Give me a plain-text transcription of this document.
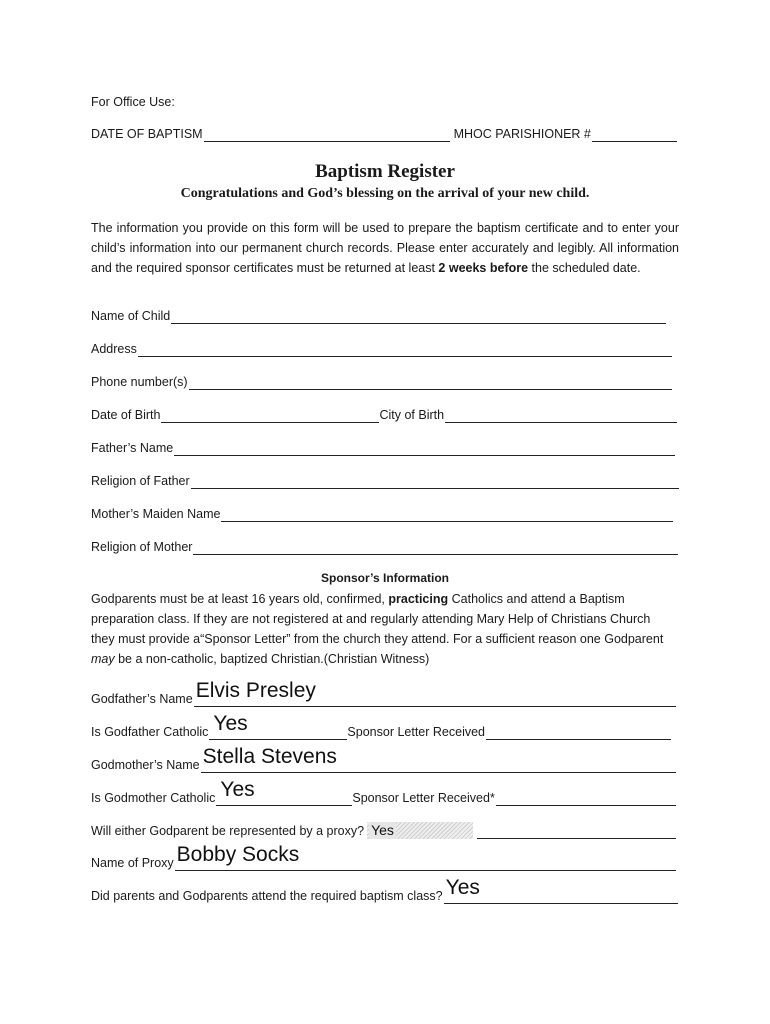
For Office Use:
DATE OF BAPTISM	MHOC PARISHIONER #
Baptism Register
Congratulations and God’s blessing on the arrival of your new child.
The information you provide on this form will be used to prepare the baptism certificate and to enter your child’s information into our permanent church records. Please enter accurately and legibly. All information and the required sponsor certificates must be returned at least 2 weeks before the scheduled date.
Name of Child
Address
Phone number(s)
Date of Birth	City of Birth
Father’s Name
Religion of Father
Mother’s Maiden Name
Religion of Mother
Sponsor’s Information
Godparents must be at least 16 years old, confirmed, practicing Catholics and attend a Baptism preparation class. If they are not registered at and regularly attending Mary Help of Christians Church they must provide a“Sponsor Letter” from the church they attend. For a sufficient reason one Godparent may be a non-catholic, baptized Christian.(Christian Witness)
Godfather’s Name Elvis Presley
Is Godfather Catholic Yes	Sponsor Letter Received
Godmother’s Name Stella Stevens
Is Godmother Catholic Yes	Sponsor Letter Received*
Will either Godparent be represented by a proxy? Yes
Name of Proxy Bobby Socks
Did parents and Godparents attend the required baptism class? Yes
